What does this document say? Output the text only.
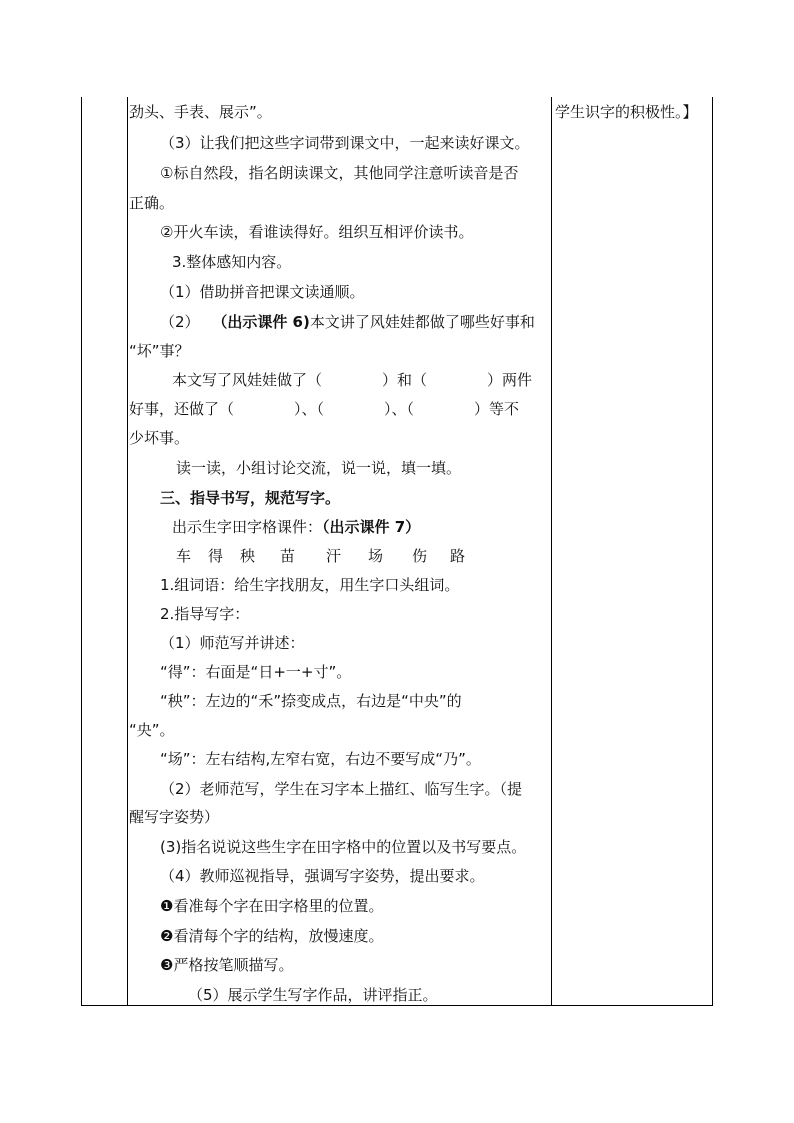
劲头、手表、展示”。
（3）让我们把这些字词带到课文中，一起来读好课文。
①标自然段，指名朗读课文，其他同学注意听读音是否
正确。
②开火车读，看谁读得好。组织互相评价读书。
3.整体感知内容。
（1）借助拼音把课文读通顺。
（2） （出示课件 6)本文讲了风娃娃都做了哪些好事和
“坏”事？
本文写了风娃娃做了（　　　　）和（　　　　）两件
好事，还做了（　　　　）、（　　　　）、（　　　　）等不
少坏事。
读一读，小组讨论交流，说一说，填一填。
三、指导书写，规范写字。
出示生字田字格课件：（出示课件 7）
车 得 秧 苗 汗 场 伤 路
1.组词语：给生字找朋友，用生字口头组词。
2.指导写字：
（1）师范写并讲述：
“得”：右面是“日+一+寸”。
“秧”：左边的“禾”捺变成点，右边是“中央”的
“央”。
“场”：左右结构,左窄右宽，右边不要写成“乃”。
（2）老师范写，学生在习字本上描红、临写生字。（提
醒写字姿势）
(3)指名说说这些生字在田字格中的位置以及书写要点。
（4）教师巡视指导，强调写字姿势，提出要求。
❶看准每个字在田字格里的位置。
❷看清每个字的结构，放慢速度。
❸严格按笔顺描写。
（5）展示学生写字作品，讲评指正。
学生识字的积极性。】
